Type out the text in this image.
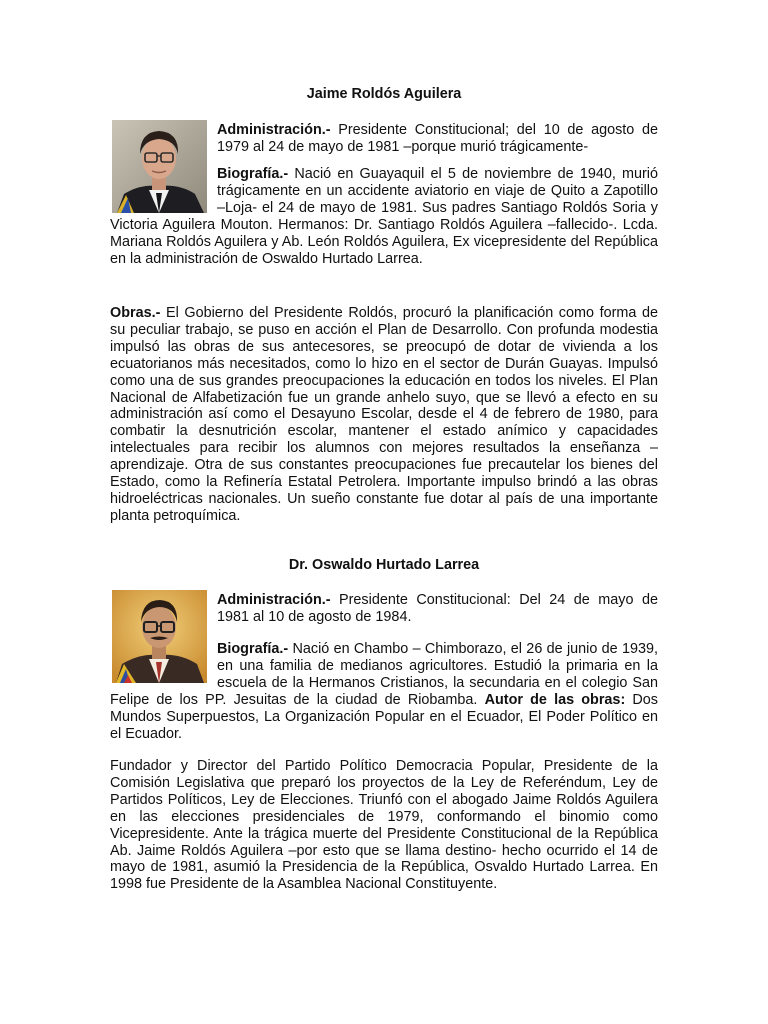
Jaime Roldós Aguilera

Administración.- Presidente Constitucional; del 10 de agosto de 1979 al 24 de mayo de 1981 –porque murió trágicamente-

Biografía.- Nació en Guayaquil el 5 de noviembre de 1940, murió trágicamente en un accidente aviatorio en viaje de Quito a Zapotillo –Loja- el 24 de mayo de 1981. Sus padres Santiago Roldós Soria y Victoria Aguilera Mouton. Hermanos: Dr. Santiago Roldós Aguilera –fallecido-. Lcda. Mariana Roldós Aguilera y Ab. León Roldós Aguilera, Ex vicepresidente del República en la administración de Oswaldo Hurtado Larrea.

Obras.- El Gobierno del Presidente Roldós, procuró la planificación como forma de su peculiar trabajo, se puso en acción el Plan de Desarrollo. Con profunda modestia impulsó las obras de sus antecesores, se preocupó de dotar de vivienda a los ecuatorianos más necesitados, como lo hizo en el sector de Durán Guayas. Impulsó como una de sus grandes preocupaciones la educación en todos los niveles. El Plan Nacional de Alfabetización fue un grande anhelo suyo, que se llevó a efecto en su administración así como el Desayuno Escolar, desde el 4 de febrero de 1980, para combatir la desnutrición escolar, mantener el estado anímico y capacidades intelectuales para recibir los alumnos con mejores resultados la enseñanza – aprendizaje. Otra de sus constantes preocupaciones fue precautelar los bienes del Estado, como la Refinería Estatal Petrolera. Importante impulso brindó a las obras hidroeléctricas nacionales. Un sueño constante fue dotar al país de una importante planta petroquímica.

Dr. Oswaldo Hurtado Larrea

Administración.- Presidente Constitucional: Del 24 de mayo de 1981 al 10 de agosto de 1984.

Biografía.- Nació en Chambo – Chimborazo, el 26 de junio de 1939, en una familia de medianos agricultores. Estudió la primaria en la escuela de la Hermanos Cristianos, la secundaria en el colegio San Felipe de los PP. Jesuitas de la ciudad de Riobamba. Autor de las obras: Dos Mundos Superpuestos, La Organización Popular en el Ecuador, El Poder Político en el Ecuador.

Fundador y Director del Partido Político Democracia Popular, Presidente de la Comisión Legislativa que preparó los proyectos de la Ley de Referéndum, Ley de Partidos Políticos, Ley de Elecciones. Triunfó con el abogado Jaime Roldós Aguilera en las elecciones presidenciales de 1979, conformando el binomio como Vicepresidente. Ante la trágica muerte del Presidente Constitucional de la República Ab. Jaime Roldós Aguilera –por esto que se llama destino- hecho ocurrido el 14 de mayo de 1981, asumió la Presidencia de la República, Osvaldo Hurtado Larrea. En 1998 fue Presidente de la Asamblea Nacional Constituyente.
